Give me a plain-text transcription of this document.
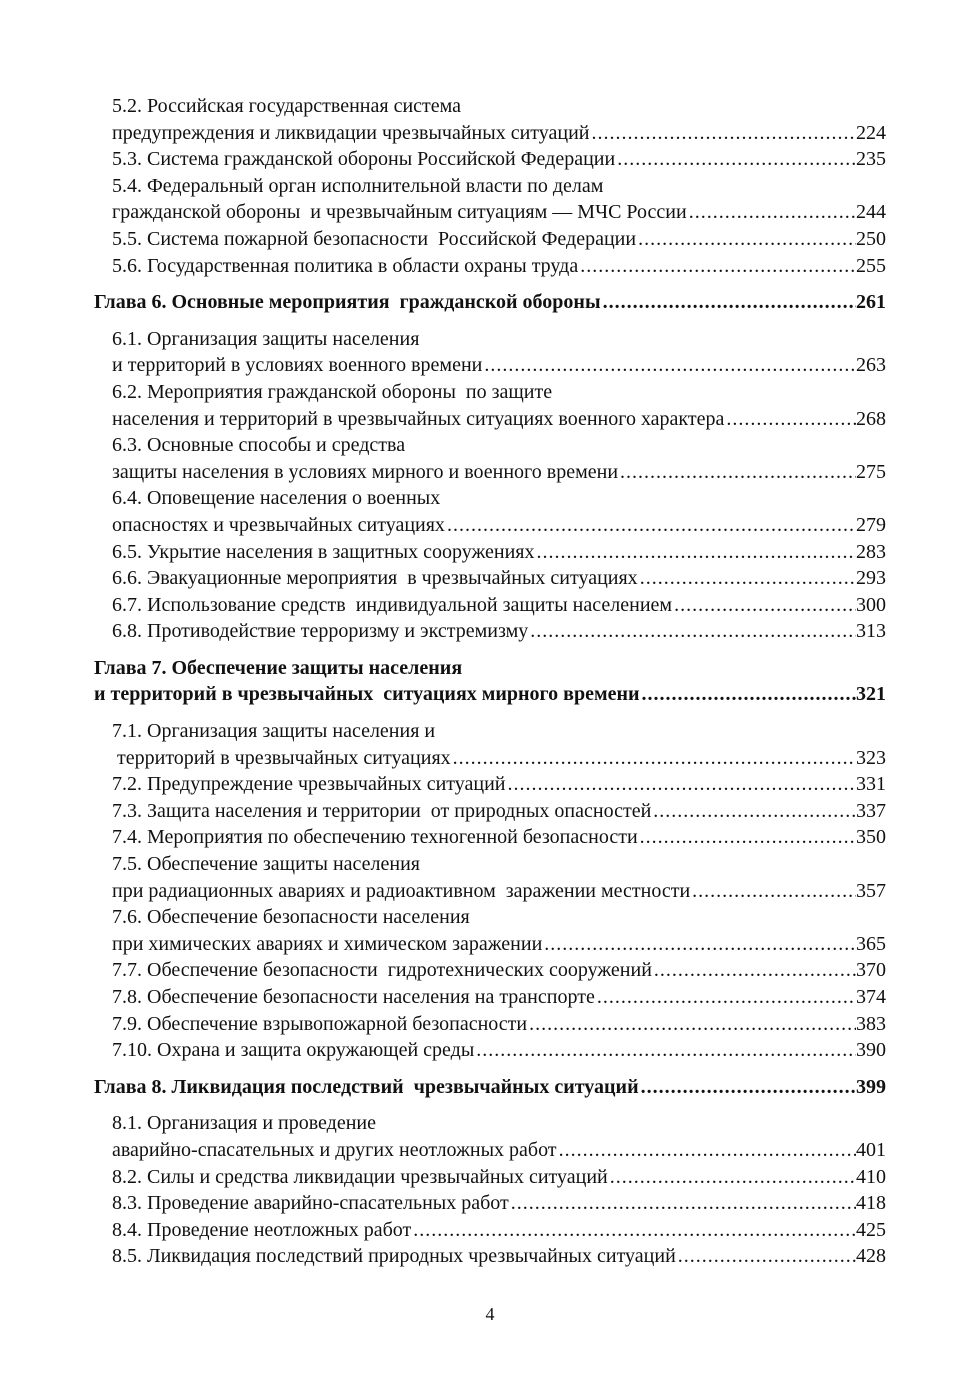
5.2. Российская государственная система
предупреждения и ликвидации чрезвычайных ситуаций .....	224
5.3. Система гражданской обороны Российской Федерации .....	235
5.4. Федеральный орган исполнительной власти по делам
гражданской обороны  и чрезвычайным ситуациям — МЧС России .....	244
5.5. Система пожарной безопасности  Российской Федерации .....	250
5.6. Государственная политика в области охраны труда .....	255
Глава 6. Основные мероприятия  гражданской обороны .....	261
6.1. Организация защиты населения
и территорий в условиях военного времени .....	263
6.2. Мероприятия гражданской обороны  по защите
населения и территорий в чрезвычайных ситуациях военного характера .....	268
6.3. Основные способы и средства
защиты населения в условиях мирного и военного времени .....	275
6.4. Оповещение населения о военных
опасностях и чрезвычайных ситуациях .....	279
6.5. Укрытие населения в защитных сооружениях .....	283
6.6. Эвакуационные мероприятия  в чрезвычайных ситуациях .....	293
6.7. Использование средств  индивидуальной защиты населением .....	300
6.8. Противодействие терроризму и экстремизму .....	313
Глава 7. Обеспечение защиты населения
и территорий в чрезвычайных  ситуациях мирного времени .....	321
7.1. Организация защиты населения и
территорий в чрезвычайных ситуациях .....	323
7.2. Предупреждение чрезвычайных ситуаций .....	331
7.3. Защита населения и территории  от природных опасностей .....	337
7.4. Мероприятия по обеспечению техногенной безопасности .....	350
7.5. Обеспечение защиты населения
при радиационных авариях и радиоактивном  заражении местности .....	357
7.6. Обеспечение безопасности населения
при химических авариях и химическом заражении .....	365
7.7. Обеспечение безопасности  гидротехнических сооружений .....	370
7.8. Обеспечение безопасности населения на транспорте .....	374
7.9. Обеспечение взрывопожарной безопасности .....	383
7.10. Охрана и защита окружающей среды .....	390
Глава 8. Ликвидация последствий  чрезвычайных ситуаций .....	399
8.1. Организация и проведение
аварийно-спасательных и других неотложных работ .....	401
8.2. Силы и средства ликвидации чрезвычайных ситуаций .....	410
8.3. Проведение аварийно-спасательных работ .....	418
8.4. Проведение неотложных работ .....	425
8.5. Ликвидация последствий природных чрезвычайных ситуаций .....	428
4
